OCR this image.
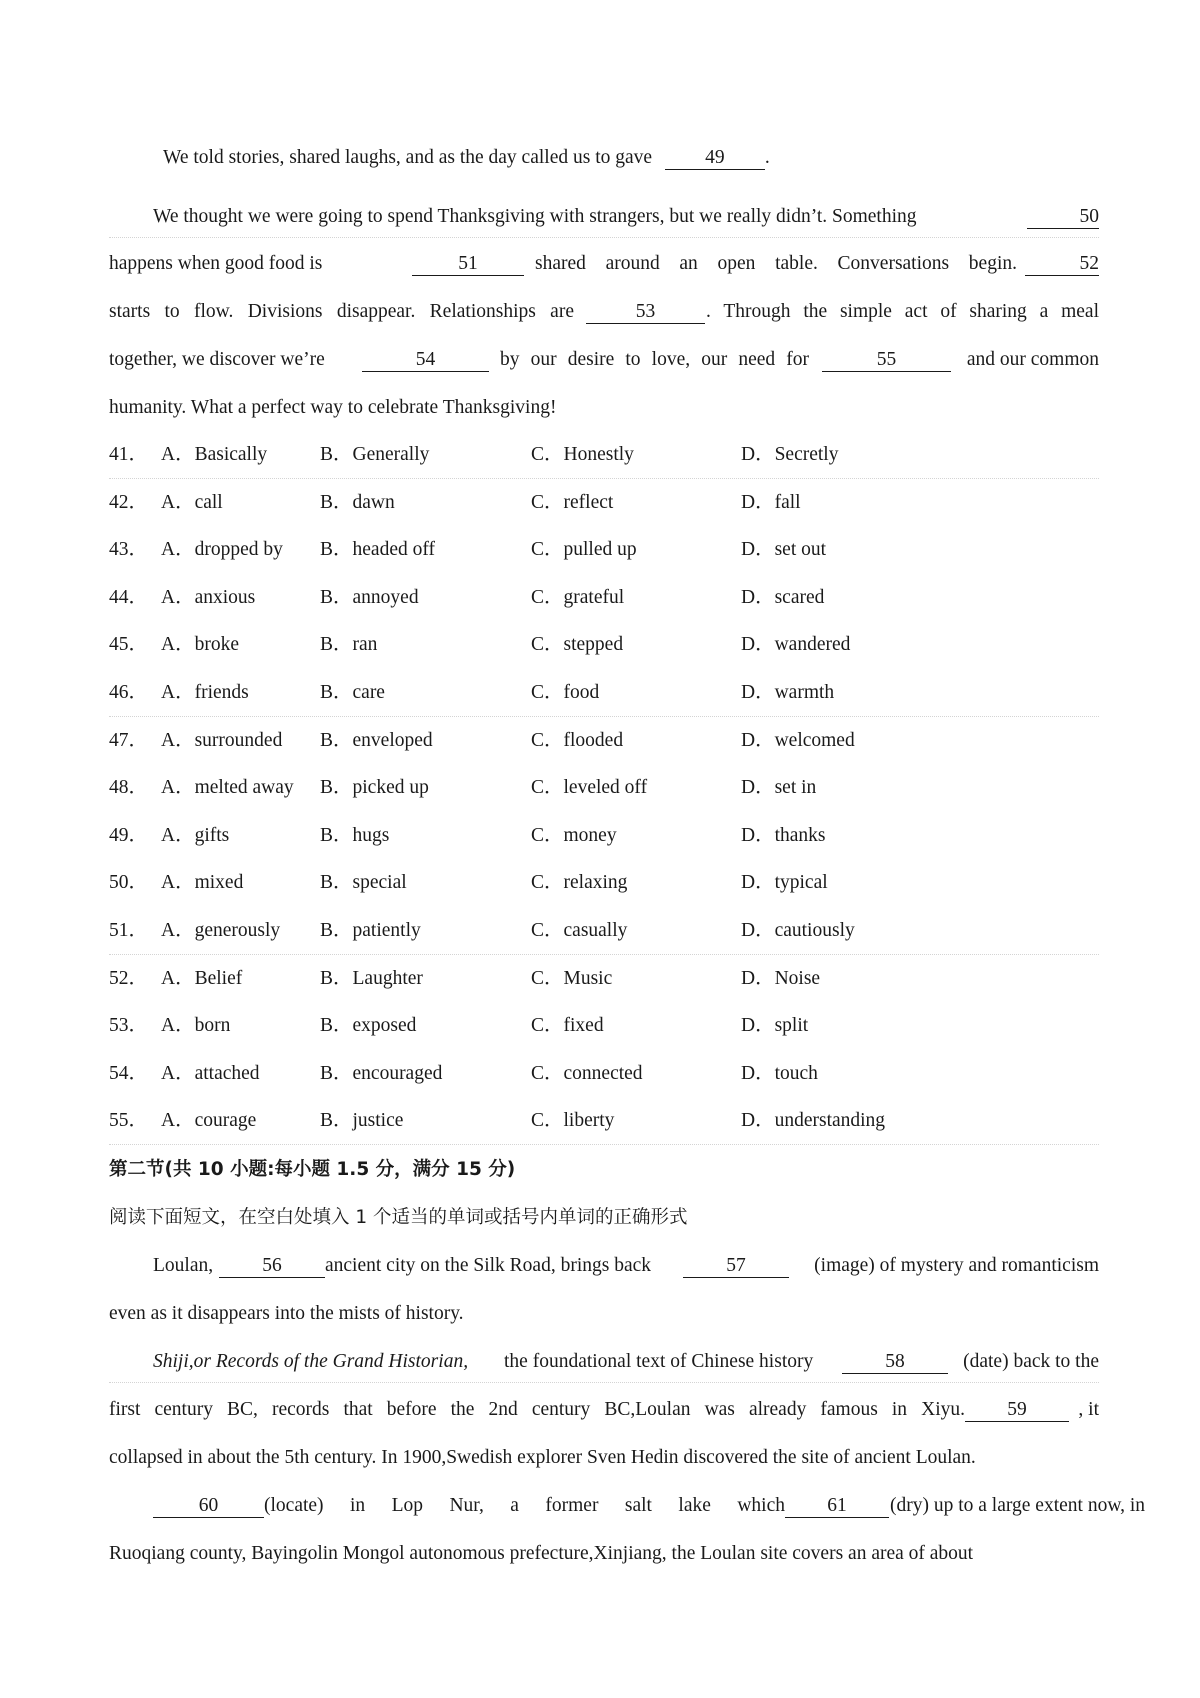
We told stories, shared laughs, and as the day called us to gave	49 .
We thought we were going to spend Thanksgiving with strangers, but we really didn’t. Something	50
happens when good food is	51	shared around an open table. Conversations begin.	52
starts to flow. Divisions disappear. Relationships are	53	. Through the simple act of sharing a meal
together, we discover we’re	54	by our desire to love, our need for	55	and our common
humanity. What a perfect way to celebrate Thanksgiving!
41． A．Basically	B．Generally	C．Honestly	D．Secretly
42． A．call	B．dawn	C．reflect	D．fall
43． A．dropped by B．headed off	C．pulled up	D．set out
44． A．anxious	B．annoyed	C．grateful	D．scared
45． A．broke	B．ran	C．stepped	D．wandered
46． A．friends	B．care	C．food	D．warmth
47． A．surrounded B．enveloped	C．flooded	D．welcomed
48． A．melted away B．picked up	C．leveled off	D．set in
49． A．gifts	B．hugs	C．money	D．thanks
50． A．mixed	B．special	C．relaxing	D．typical
51． A．generously B．patiently	C．casually	D．cautiously
52． A．Belief	B．Laughter	C．Music	D．Noise
53． A．born	B．exposed	C．fixed	D．split
54． A．attached	B．encouraged	C．connected	D．touch
55． A．courage	B．justice	C．liberty	D．understanding
第二节(共 10 小题:每小题 1.5 分，满分 15 分)
阅读下面短文，在空白处填入 1 个适当的单词或括号内单词的正确形式
Loulan,	56	ancient city on the Silk Road, brings back	57	(image) of mystery and romanticism
even as it disappears into the mists of history.
Shiji,or Records of the Grand Historian, the foundational text of Chinese history	58	(date) back to the
first century BC, records that before the 2nd century BC,Loulan was already famous in Xiyu.	59	, it
collapsed in about the 5th century. In 1900,Swedish explorer Sven Hedin discovered the site of ancient Loulan.
60	(locate) in Lop Nur, a former salt lake which	61	(dry) up to a large extent now, in
Ruoqiang county, Bayingolin Mongol autonomous prefecture,Xinjiang, the Loulan site covers an area of about
